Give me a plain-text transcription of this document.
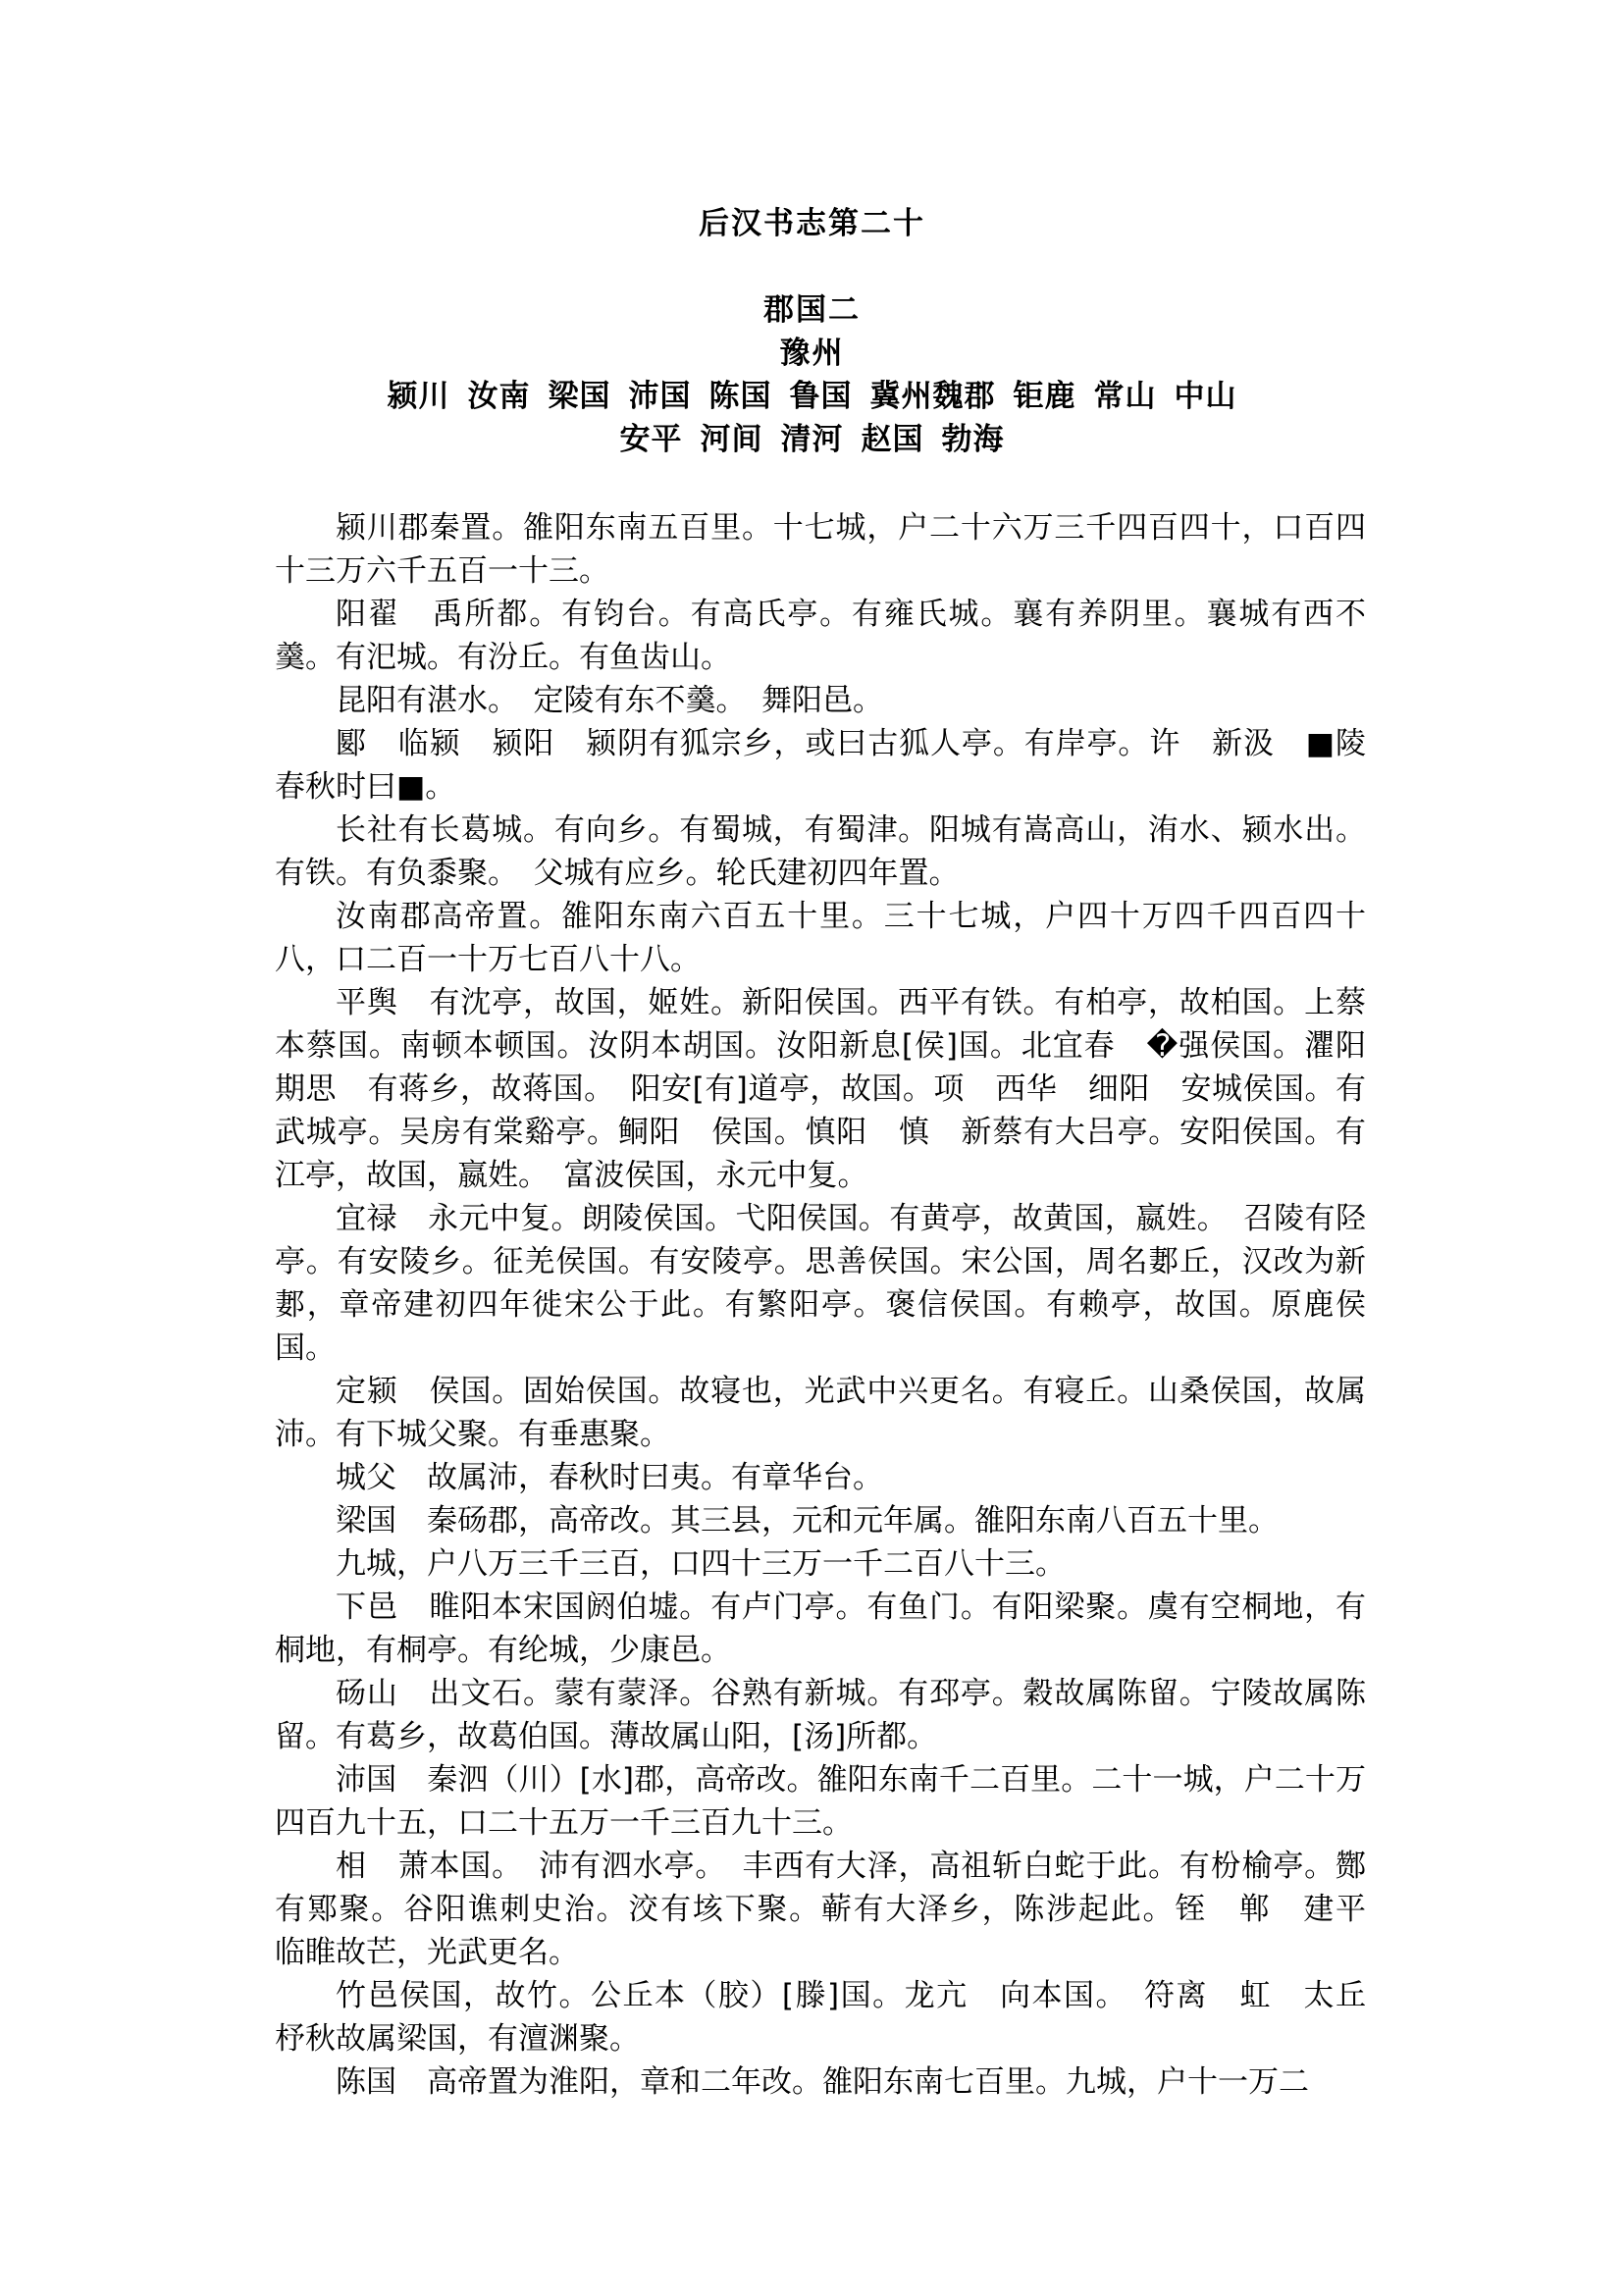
后汉书志第二十
郡国二
豫州
颍川 汝南 梁国 沛国 陈国 鲁国 冀州魏郡 钜鹿 常山 中山
安平 河间 清河 赵国 勃海

颍川郡秦置。雒阳东南五百里。十七城，户二十六万三千四百四十，口百四十三万六千五百一十三。

阳翟　禹所都。有钧台。有高氏亭。有雍氏城。襄有养阴里。襄城有西不羹。有汜城。有汾丘。有鱼齿山。

昆阳有湛水。　定陵有东不羹。　舞阳邑。

郾　临颍　颍阳　颍阴有狐宗乡，或曰古狐人亭。有岸亭。许　新汲　■陵春秋时曰■。

长社有长葛城。有向乡。有蜀城，有蜀津。阳城有嵩高山，洧水、颍水出。有铁。有负黍聚。　父城有应乡。轮氏建初四年置。

汝南郡高帝置。雒阳东南六百五十里。三十七城，户四十万四千四百四十八，口二百一十万七百八十八。

平舆　有沈亭，故国，姬姓。新阳侯国。西平有铁。有柏亭，故柏国。上蔡本蔡国。南顿本顿国。汝阴本胡国。汝阳新息[侯]国。北宜春　�强侯国。灈阳　期思　有蒋乡，故蒋国。　阳安[有]道亭，故国。项　西华　细阳　安城侯国。有武城亭。吴房有棠谿亭。鲖阳　侯国。慎阳　慎　新蔡有大吕亭。安阳侯国。有江亭，故国，嬴姓。　富波侯国，永元中复。

宜禄　永元中复。朗陵侯国。弋阳侯国。有黄亭，故黄国，嬴姓。　召陵有陉亭。有安陵乡。征羌侯国。有安陵亭。思善侯国。宋公国，周名郪丘，汉改为新郪，章帝建初四年徙宋公于此。有繁阳亭。褒信侯国。有赖亭，故国。原鹿侯国。

定颍　侯国。固始侯国。故寝也，光武中兴更名。有寝丘。山桑侯国，故属沛。有下城父聚。有垂惠聚。

城父　故属沛，春秋时曰夷。有章华台。

梁国　秦砀郡，高帝改。其三县，元和元年属。雒阳东南八百五十里。

九城，户八万三千三百，口四十三万一千二百八十三。

下邑　睢阳本宋国阏伯墟。有卢门亭。有鱼门。有阳梁聚。虞有空桐地，有桐地，有桐亭。有纶城，少康邑。

砀山　出文石。蒙有蒙泽。谷熟有新城。有邳亭。穀故属陈留。宁陵故属陈留。有葛乡，故葛伯国。薄故属山阳，[汤]所都。

沛国　秦泗（川）[水]郡，高帝改。雒阳东南千二百里。二十一城，户二十万四百九十五，口二十五万一千三百九十三。

相　萧本国。　沛有泗水亭。　丰西有大泽，高祖斩白蛇于此。有枌榆亭。酂　有鄍聚。谷阳谯刺史治。洨有垓下聚。蕲有大泽乡，陈涉起此。铚　郸　建平　临睢故芒，光武更名。

竹邑侯国，故竹。公丘本（胶）[滕]国。龙亢　向本国。　符离　虹　太丘　杼秋故属梁国，有澶渊聚。

陈国　高帝置为淮阳，章和二年改。雒阳东南七百里。九城，户十一万二
